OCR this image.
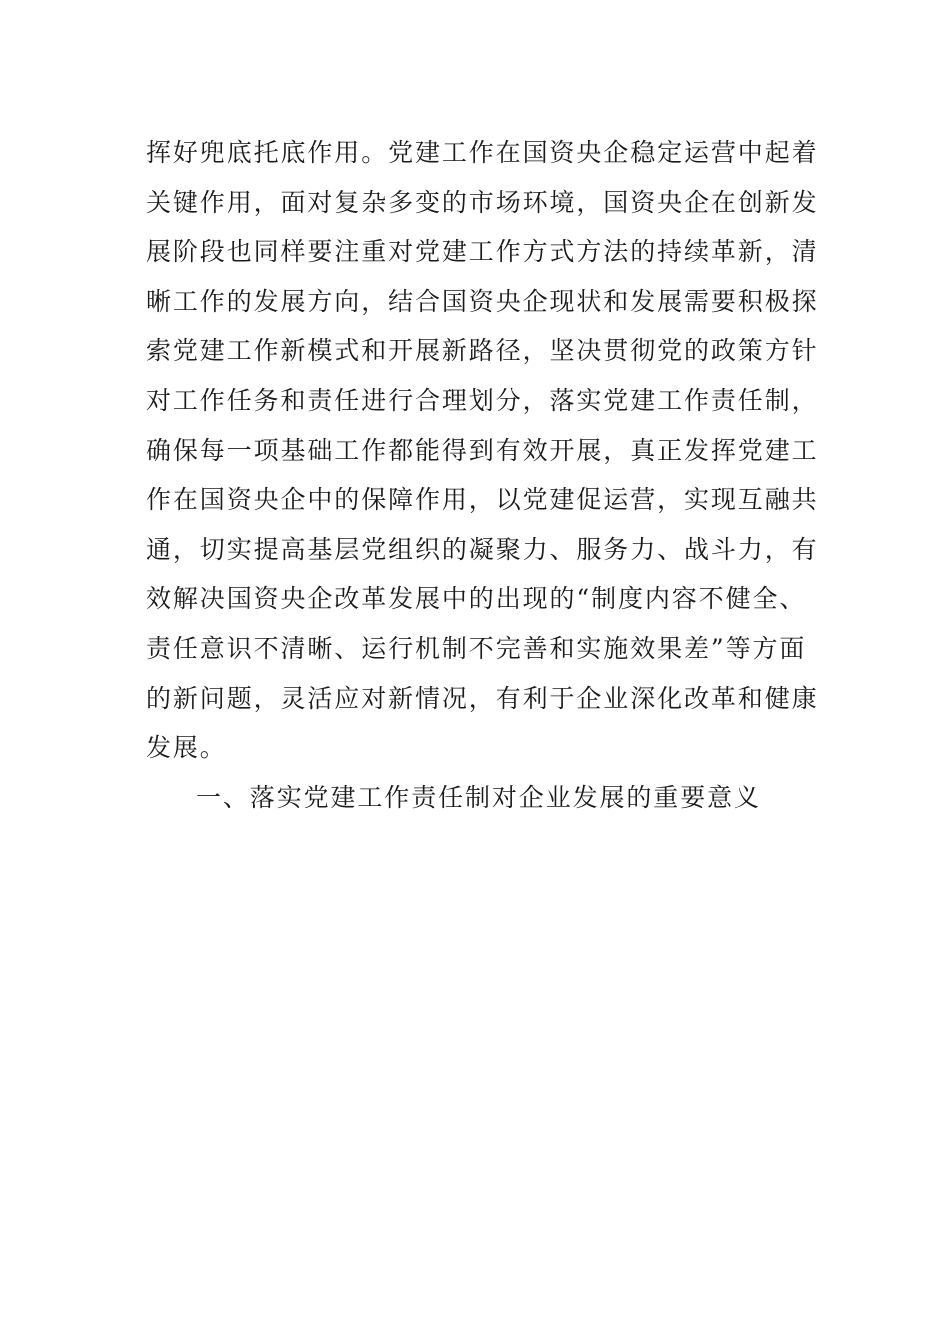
挥好兜底托底作用。党建工作在国资央企稳定运营中起着
关键作用，面对复杂多变的市场环境，国资央企在创新发
展阶段也同样要注重对党建工作方式方法的持续革新，清
晰工作的发展方向，结合国资央企现状和发展需要积极探
索党建工作新模式和开展新路径，坚决贯彻党的政策方针
对工作任务和责任进行合理划分，落实党建工作责任制，
确保每一项基础工作都能得到有效开展，真正发挥党建工
作在国资央企中的保障作用，以党建促运营，实现互融共
通，切实提高基层党组织的凝聚力、服务力、战斗力，有
效解决国资央企改革发展中的出现的“制度内容不健全、
责任意识不清晰、运行机制不完善和实施效果差”等方面
的新问题，灵活应对新情况，有利于企业深化改革和健康
发展。
一、落实党建工作责任制对企业发展的重要意义
